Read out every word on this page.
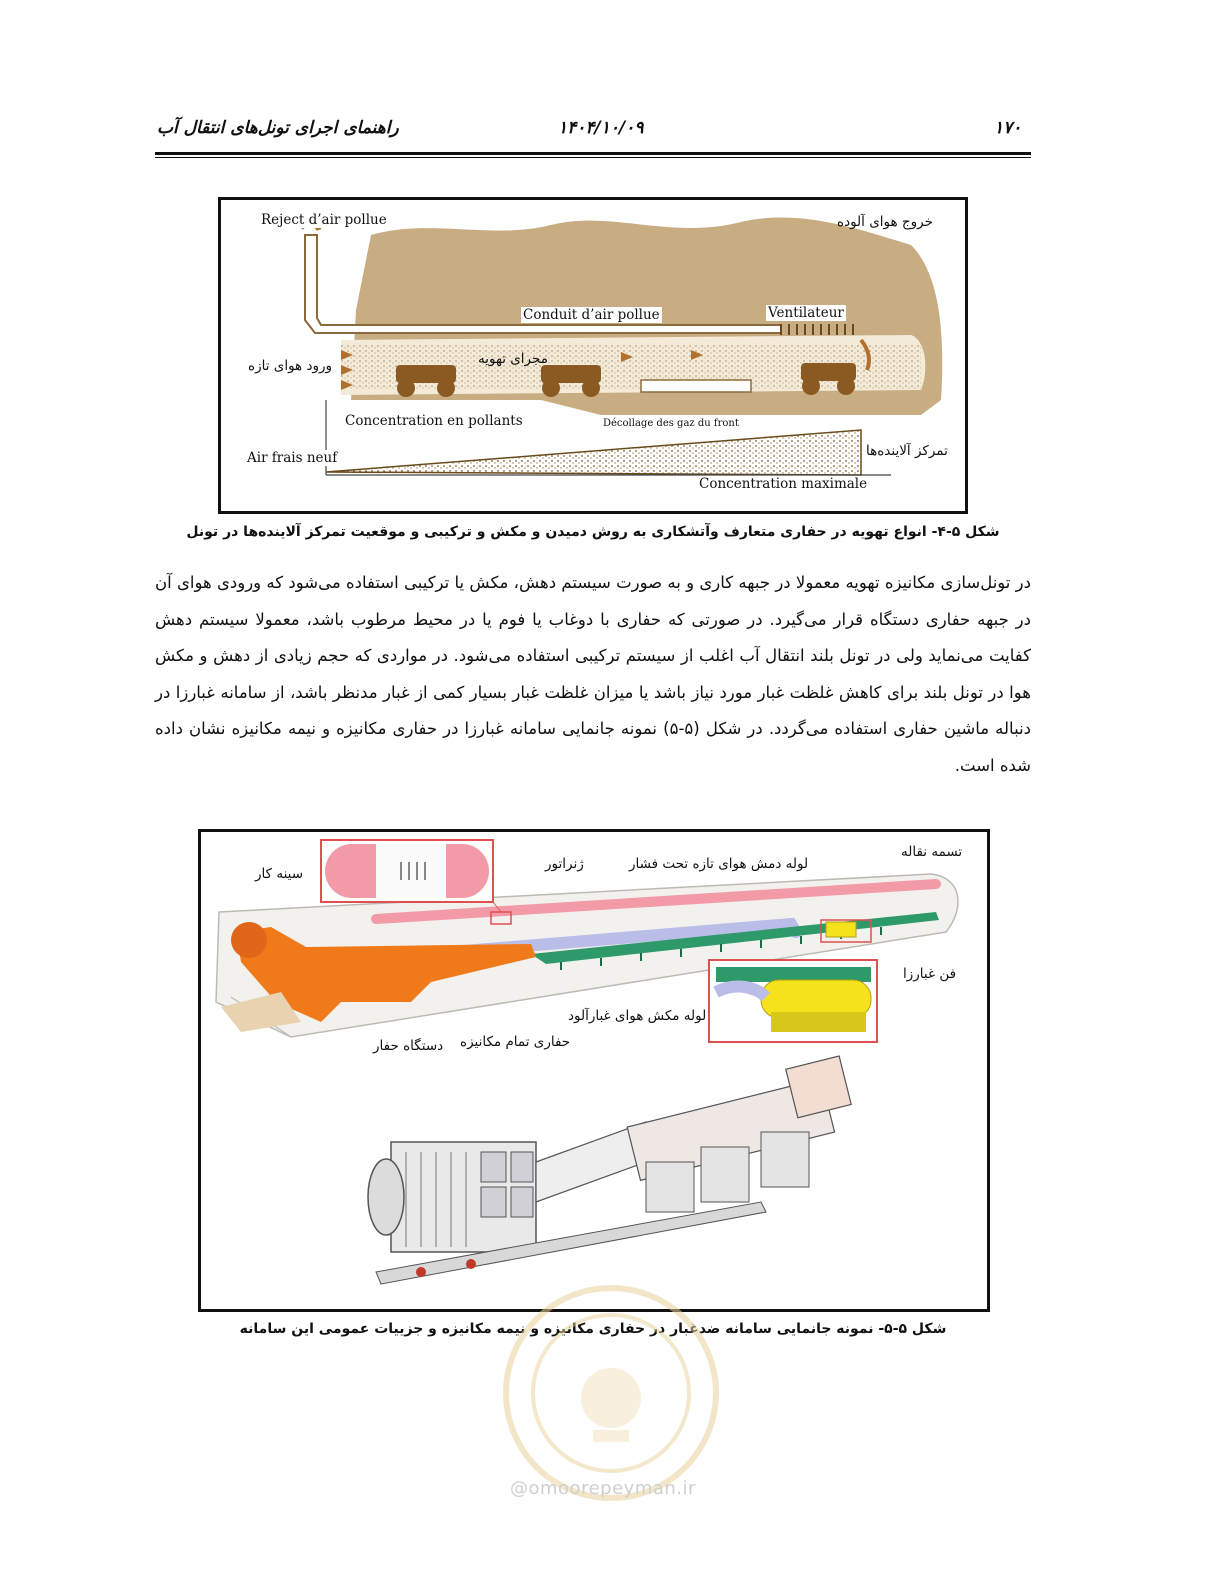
۱۷۰
۱۴۰۴/۱۰/۰۹
راهنمای اجرای تونل‌های انتقال آب
Reject d’air pollue	خروج هوای آلوده
Conduit d’air pollue	Ventilateur
ورود هوای تازه	مجرای تهویه
Concentration en pollants	Décollage des gaz du front
Air frais neuf	تمرکز آلاینده‌ها
Concentration maximale
شکل ۵-۴- انواع تهویه در حفاری متعارف وآتشکاری به روش دمیدن و مکش و ترکیبی و موقعیت تمرکز آلاینده‌ها در تونل

در تونل‌سازی مکانیزه تهویه معمولا در جبهه کاری و به صورت سیستم دهش، مکش یا ترکیبی استفاده می‌شود که ورودی هوای آن در جبهه حفاری دستگاه قرار می‌گیرد. در صورتی که حفاری با دوغاب یا فوم یا در محیط مرطوب باشد، معمولا سیستم دهش کفایت می‌نماید ولی در تونل بلند انتقال آب اغلب از سیستم ترکیبی استفاده می‌شود. در مواردی که حجم زیادی از دهش و مکش هوا در تونل بلند برای کاهش غلظت غبار مورد نیاز باشد یا میزان غلظت غبار بسیار کمی از غبار مدنظر باشد، از سامانه غبارزا در دنباله ماشین حفاری استفاده می‌گردد. در شکل (۵-۵) نمونه جانمایی سامانه غبارزا در حفاری مکانیزه و نیمه مکانیزه نشان داده شده است.

تسمه نقاله
لوله دمش هوای تازه تحت فشار
ژنراتور
سینه کار
فن غبارزا
لوله مکش هوای غبارآلود
حفاری تمام مکانیزه
دستگاه حفار
شکل ۵-۵- نمونه جانمایی سامانه ضدغبار در حفاری مکانیزه و نیمه مکانیزه و جزییات عمومی این سامانه
@omoorepeyman.ir
